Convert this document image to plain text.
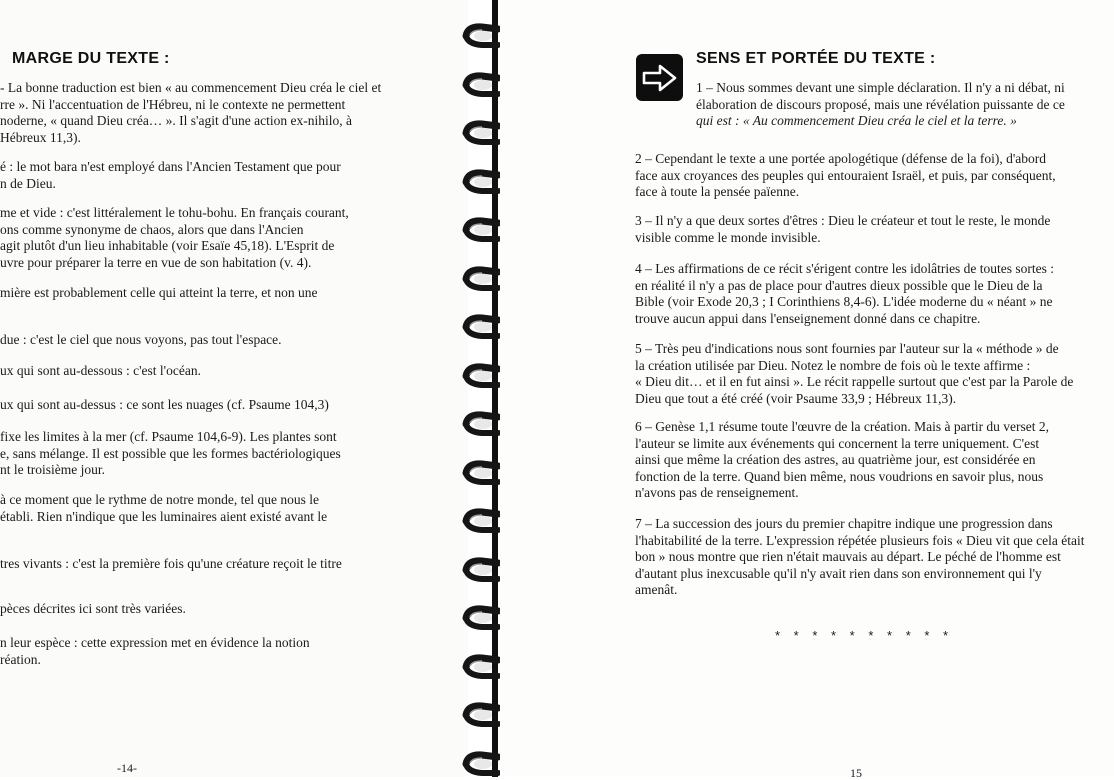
MARGE DU TEXTE :
- La bonne traduction est bien « au commencement Dieu créa le ciel et
rre ». Ni l'accentuation de l'Hébreu, ni le contexte ne permettent
noderne, « quand Dieu créa… ». Il s'agit d'une action ex-nihilo, à
Hébreux 11,3).
é : le mot bara n'est employé dans l'Ancien Testament que pour
n de Dieu.
me et vide : c'est littéralement le tohu-bohu. En français courant,
ons comme synonyme de chaos, alors que dans l'Ancien
agit plutôt d'un lieu inhabitable (voir Esaïe 45,18). L'Esprit de
uvre pour préparer la terre en vue de son habitation (v. 4).
mière est probablement celle qui atteint la terre, et non une
due : c'est le ciel que nous voyons, pas tout l'espace.
ux qui sont au-dessous : c'est l'océan.
ux qui sont au-dessus : ce sont les nuages (cf. Psaume 104,3)
fixe les limites à la mer (cf. Psaume 104,6-9). Les plantes sont
e, sans mélange. Il est possible que les formes bactériologiques
nt le troisième jour.
à ce moment que le rythme de notre monde, tel que nous le
établi. Rien n'indique que les luminaires aient existé avant le
tres vivants : c'est la première fois qu'une créature reçoit le titre
pèces décrites ici sont très variées.
n leur espèce : cette expression met en évidence la notion
réation.
-14-
SENS ET PORTÉE DU TEXTE :
1 – Nous sommes devant une simple déclaration. Il n'y a ni débat, ni
élaboration de discours proposé, mais une révélation puissante de ce
qui est : « Au commencement Dieu créa le ciel et la terre. »
2 – Cependant le texte a une portée apologétique (défense de la foi), d'abord
face aux croyances des peuples qui entouraient Israël, et puis, par conséquent,
face à toute la pensée païenne.
3 – Il n'y a que deux sortes d'êtres : Dieu le créateur et tout le reste, le monde
visible comme le monde invisible.
4 – Les affirmations de ce récit s'érigent contre les idolâtries de toutes sortes :
en réalité il n'y a pas de place pour d'autres dieux possible que le Dieu de la
Bible (voir Exode 20,3 ; I Corinthiens 8,4-6). L'idée moderne du « néant » ne
trouve aucun appui dans l'enseignement donné dans ce chapitre.
5 – Très peu d'indications nous sont fournies par l'auteur sur la « méthode » de
la création utilisée par Dieu. Notez le nombre de fois où le texte affirme :
« Dieu dit… et il en fut ainsi ». Le récit rappelle surtout que c'est par la Parole de
Dieu que tout a été créé (voir Psaume 33,9 ; Hébreux 11,3).
6 – Genèse 1,1 résume toute l'œuvre de la création. Mais à partir du verset 2,
l'auteur se limite aux événements qui concernent la terre uniquement. C'est
ainsi que même la création des astres, au quatrième jour, est considérée en
fonction de la terre. Quand bien même, nous voudrions en savoir plus, nous
n'avons pas de renseignement.
7 – La succession des jours du premier chapitre indique une progression dans
l'habitabilité de la terre. L'expression répétée plusieurs fois « Dieu vit que cela était
bon » nous montre que rien n'était mauvais au départ. Le péché de l'homme est
d'autant plus inexcusable qu'il n'y avait rien dans son environnement qui l'y
amenât.
* * * * * * * * * *
15
